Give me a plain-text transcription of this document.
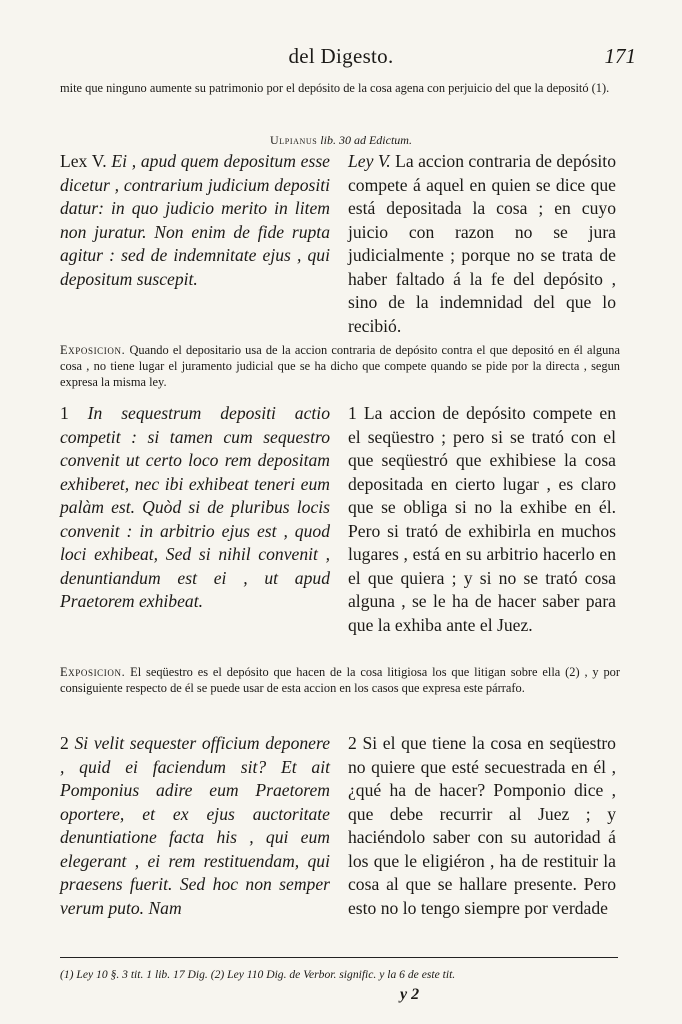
del Digesto.	171

mite que ninguno aumente su patrimonio por el depósito de la cosa agena con perjuicio del que la depositó (1).

Ulpianus lib. 30 ad Edictum.
Lex V. Ei , apud quem depositum esse dicetur , contrarium judicium depositi datur: in quo judicio merito in litem non juratur. Non enim de fide rupta agitur : sed de indemnitate ejus , qui depositum suscepit.
Ley V. La accion contraria de depósito compete á aquel en quien se dice que está depositada la cosa ; en cuyo juicio con razon no se jura judicialmente ; porque no se trata de haber faltado á la fe del depósito , sino de la indemnidad del que lo recibió.

Exposicion. Quando el depositario usa de la accion contraria de depósito contra el que depositó en él alguna cosa , no tiene lugar el juramento judicial que se ha dicho que compete quando se pide por la directa , segun expresa la misma ley.

1 In sequestrum depositi actio competit : si tamen cum sequestro convenit ut certo loco rem depositam exhiberet, nec ibi exhibeat teneri eum palàm est. Quòd si de pluribus locis convenit : in arbitrio ejus est , quod loci exhibeat, Sed si nihil convenit , denuntiandum est ei , ut apud Praetorem exhibeat.
1 La accion de depósito compete en el seqüestro ; pero si se trató con el que seqüestró que exhibiese la cosa depositada en cierto lugar , es claro que se obliga si no la exhibe en él. Pero si trató de exhibirla en muchos lugares , está en su arbitrio hacerlo en el que quiera ; y si no se trató cosa alguna , se le ha de hacer saber para que la exhiba ante el Juez.

Exposicion. El seqüestro es el depósito que hacen de la cosa litigiosa los que litigan sobre ella (2) , y por consiguiente respecto de él se puede usar de esta accion en los casos que expresa este párrafo.

2 Si velit sequester officium deponere , quid ei faciendum sit? Et ait Pomponius adire eum Praetorem oportere, et ex ejus auctoritate denuntiatione facta his , qui eum elegerant , ei rem restituendam, qui praesens fuerit. Sed hoc non semper verum puto. Nam
2 Si el que tiene la cosa en seqüestro no quiere que esté secuestrada en él , ¿qué ha de hacer? Pomponio dice , que debe recurrir al Juez ; y haciéndolo saber con su autoridad á los que le eligiéron , ha de restituir la cosa al que se hallare presente. Pero esto no lo tengo siempre por verdade
(1) Ley 10 §. 3 tit. 1 lib. 17 Dig. (2) Ley 110 Dig. de Verbor. signific. y la 6 de este tit.
y 2
